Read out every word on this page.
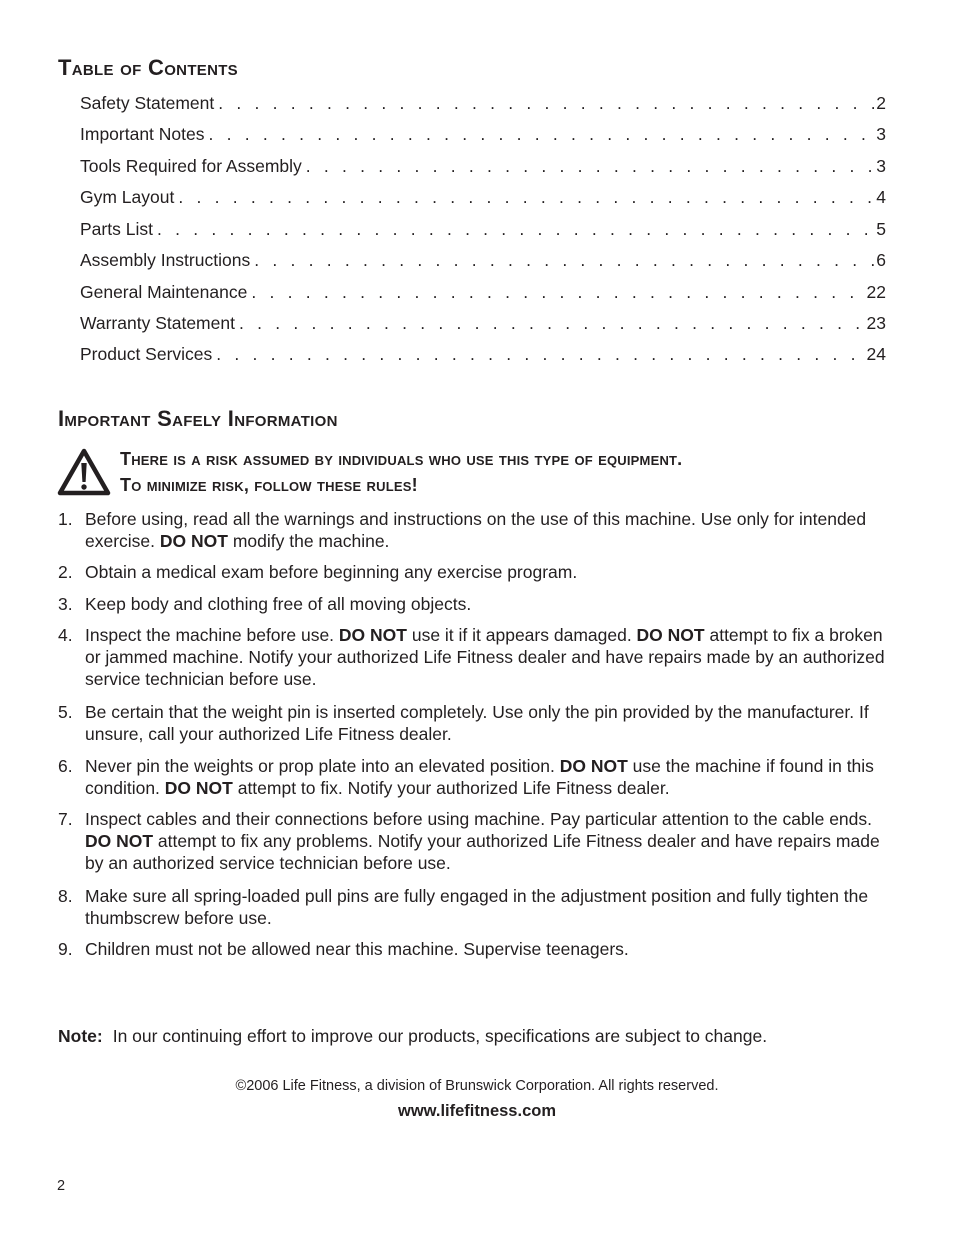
Table of Contents
Safety Statement . . .	2
Important Notes . . .	3
Tools Required for Assembly . . .	3
Gym Layout . . .	4
Parts List . . .	5
Assembly Instructions . . .	6
General Maintenance . . .	22
Warranty Statement . . .	23
Product Services . . .	24
Important Safely Information
There is a risk assumed by individuals who use this type of equipment.
To minimize risk, follow these rules!
1. Before using, read all the warnings and instructions on the use of this machine. Use only for intended exercise. DO NOT modify the machine.
2. Obtain a medical exam before beginning any exercise program.
3. Keep body and clothing free of all moving objects.
4. Inspect the machine before use. DO NOT use it if it appears damaged. DO NOT attempt to fix a broken or jammed machine. Notify your authorized Life Fitness dealer and have repairs made by an authorized service technician before use.
5. Be certain that the weight pin is inserted completely. Use only the pin provided by the manufacturer. If unsure, call your authorized Life Fitness dealer.
6. Never pin the weights or prop plate into an elevated position. DO NOT use the machine if found in this condition. DO NOT attempt to fix. Notify your authorized Life Fitness dealer.
7. Inspect cables and their connections before using machine. Pay particular attention to the cable ends. DO NOT attempt to fix any problems. Notify your authorized Life Fitness dealer and have repairs made by an authorized service technician before use.
8. Make sure all spring-loaded pull pins are fully engaged in the adjustment position and fully tighten the thumbscrew before use.
9. Children must not be allowed near this machine. Supervise teenagers.
Note: In our continuing effort to improve our products, specifications are subject to change.
©2006 Life Fitness, a division of Brunswick Corporation. All rights reserved.
www.lifefitness.com
2
